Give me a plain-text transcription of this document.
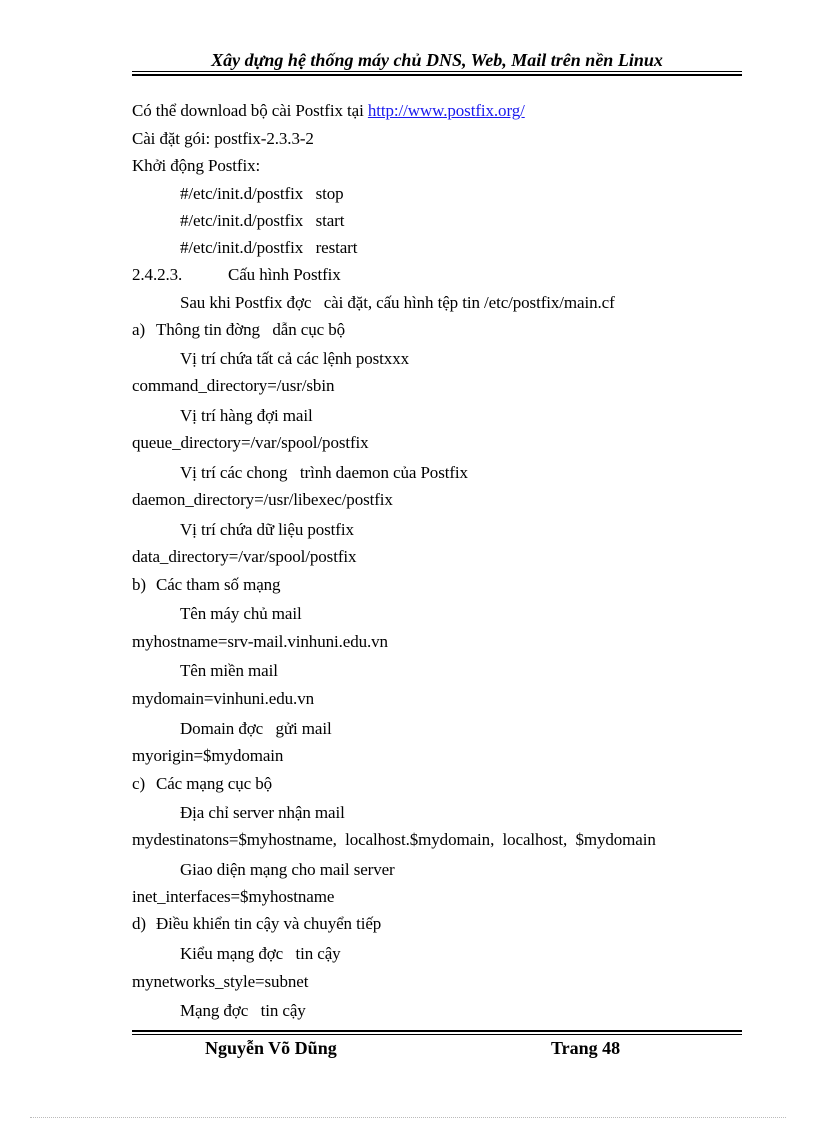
Xây dựng hệ thống máy chủ DNS, Web, Mail trên nền Linux
Có thể download bộ cài Postfix tại http://www.postfix.org/
Cài đặt gói: postfix-2.3.3-2
Khởi động Postfix:
#/etc/init.d/postfix   stop
#/etc/init.d/postfix   start
#/etc/init.d/postfix   restart
2.4.2.3.	Cấu hình Postfix
Sau khi Postfix đợc   cài đặt, cấu hình tệp tin /etc/postfix/main.cf
a) Thông tin đờng   dẫn cục bộ
Vị trí chứa tất cả các lệnh postxxx
command_directory=/usr/sbin
Vị trí hàng đợi mail
queue_directory=/var/spool/postfix
Vị trí các chong   trình daemon của Postfix
daemon_directory=/usr/libexec/postfix
Vị trí chứa dữ liệu postfix
data_directory=/var/spool/postfix
b) Các tham số mạng
Tên máy chủ mail
myhostname=srv-mail.vinhuni.edu.vn
Tên miền mail
mydomain=vinhuni.edu.vn
Domain đợc   gửi mail
myorigin=$mydomain
c) Các mạng cục bộ
Địa chỉ server nhận mail
mydestinatons=$myhostname,  localhost.$mydomain,  localhost,  $mydomain
Giao diện mạng cho mail server
inet_interfaces=$myhostname
d) Điều khiển tin cậy và chuyển tiếp
Kiểu mạng đợc   tin cậy
mynetworks_style=subnet
Mạng đợc   tin cậy
Nguyễn Võ Dũng	Trang 48
